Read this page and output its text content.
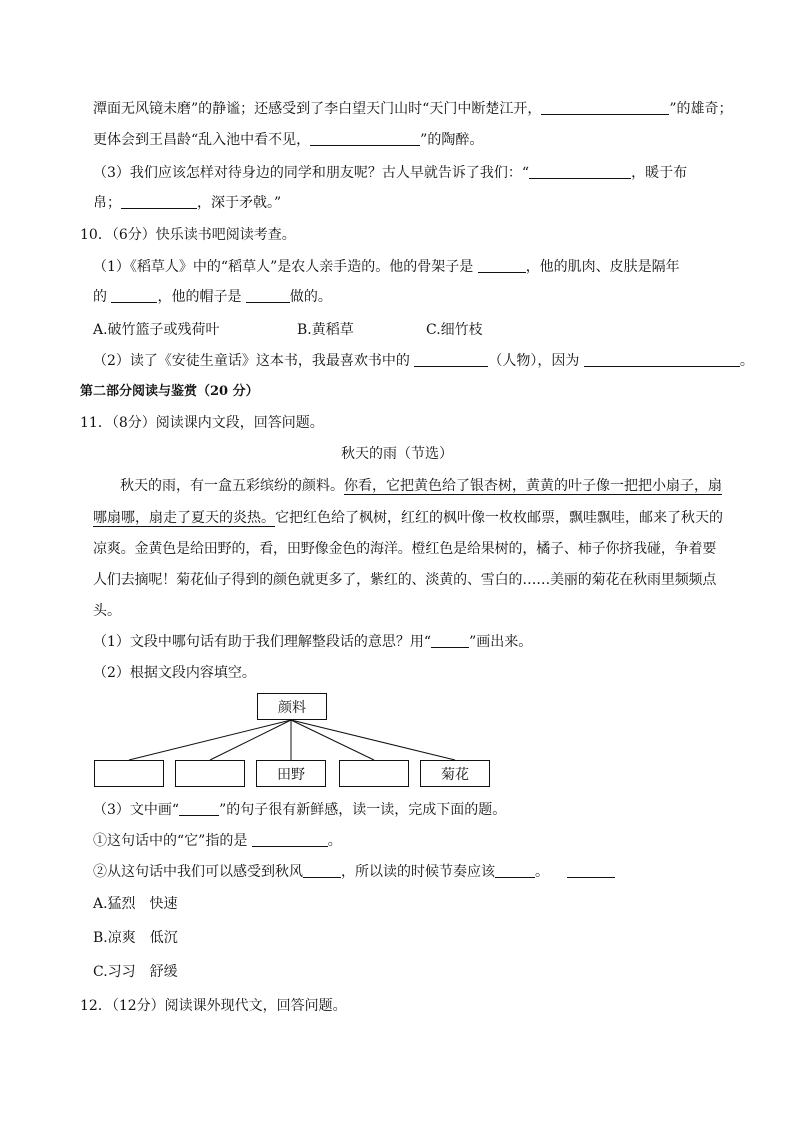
潭面无风镜未磨”的静谧；还感受到了李白望天门山时“天门中断楚江开，	”的雄奇；
更体会到王昌龄“乱入池中看不见，	”的陶醉。
（3）我们应该怎样对待身边的同学和朋友呢？古人早就告诉了我们：“	，暖于布
帛；	，深于矛戟。”
10．（6分）快乐读书吧阅读考查。
（1）《稻草人》中的“稻草人”是农人亲手造的。他的骨架子是	，他的肌肉、皮肤是隔年
的	，他的帽子是	做的。
A.破竹篮子或残荷叶	B.黄稻草	C.细竹枝
（2）读了《安徒生童话》这本书，我最喜欢书中的	（人物），因为	。
第二部分阅读与鉴赏（20 分）
11．（8分）阅读课内文段，回答问题。
秋天的雨（节选）
秋天的雨，有一盒五彩缤纷的颜料。你看，它把黄色给了银杏树，黄黄的叶子像一把把小扇子，扇
哪扇哪，扇走了夏天的炎热。它把红色给了枫树，红红的枫叶像一枚枚邮票，飘哇飘哇，邮来了秋天的
凉爽。金黄色是给田野的，看，田野像金色的海洋。橙红色是给果树的，橘子、柿子你挤我碰，争着要
人们去摘呢！菊花仙子得到的颜色就更多了，紫红的、淡黄的、雪白的……美丽的菊花在秋雨里频频点
头。
（1）文段中哪句话有助于我们理解整段话的意思？用“	”画出来。
（2）根据文段内容填空。
颜料
田野	菊花
（3）文中画“	”的句子很有新鲜感，读一读，完成下面的题。
①这句话中的“它”指的是	。
②从这句话中我们可以感受到秋风	，所以读的时候节奏应该	。
A.猛烈　快速
B.凉爽　低沉
C.习习　舒缓
12．（12分）阅读课外现代文，回答问题。
